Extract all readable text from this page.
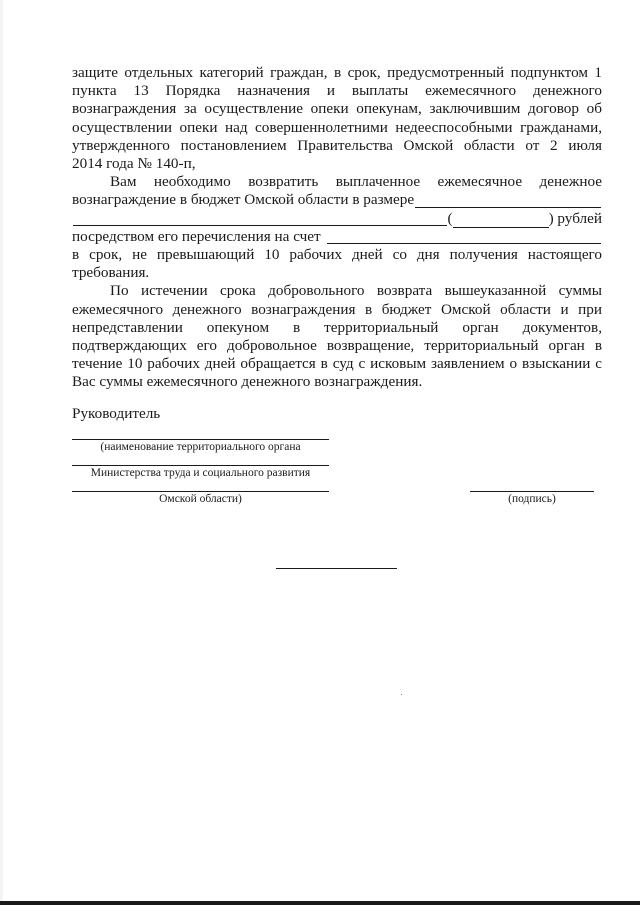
защите отдельных категорий граждан, в срок, предусмотренный подпунктом 1
пункта 13 Порядка назначения и выплаты ежемесячного денежного
вознаграждения за осуществление опеки опекунам, заключившим договор об
осуществлении опеки над совершеннолетними недееспособными гражданами,
утвержденного постановлением Правительства Омской области от 2 июля
2014 года № 140-п,

Вам необходимо возвратить выплаченное ежемесячное денежное
вознаграждение в бюджет Омской области в размере
(	) рублей
посредством его перечисления на счет
в срок, не превышающий 10 рабочих дней со дня получения настоящего
требования.

По истечении срока добровольного возврата вышеуказанной суммы
ежемесячного денежного вознаграждения в бюджет Омской области и при
непредставлении опекуном в территориальный орган документов,
подтверждающих его добровольное возвращение, территориальный орган в
течение 10 рабочих дней обращается в суд с исковым заявлением о взыскании с
Вас суммы ежемесячного денежного вознаграждения.

Руководитель
(наименование территориального органа
Министерства труда и социального развития
Омской области)	(подпись)
